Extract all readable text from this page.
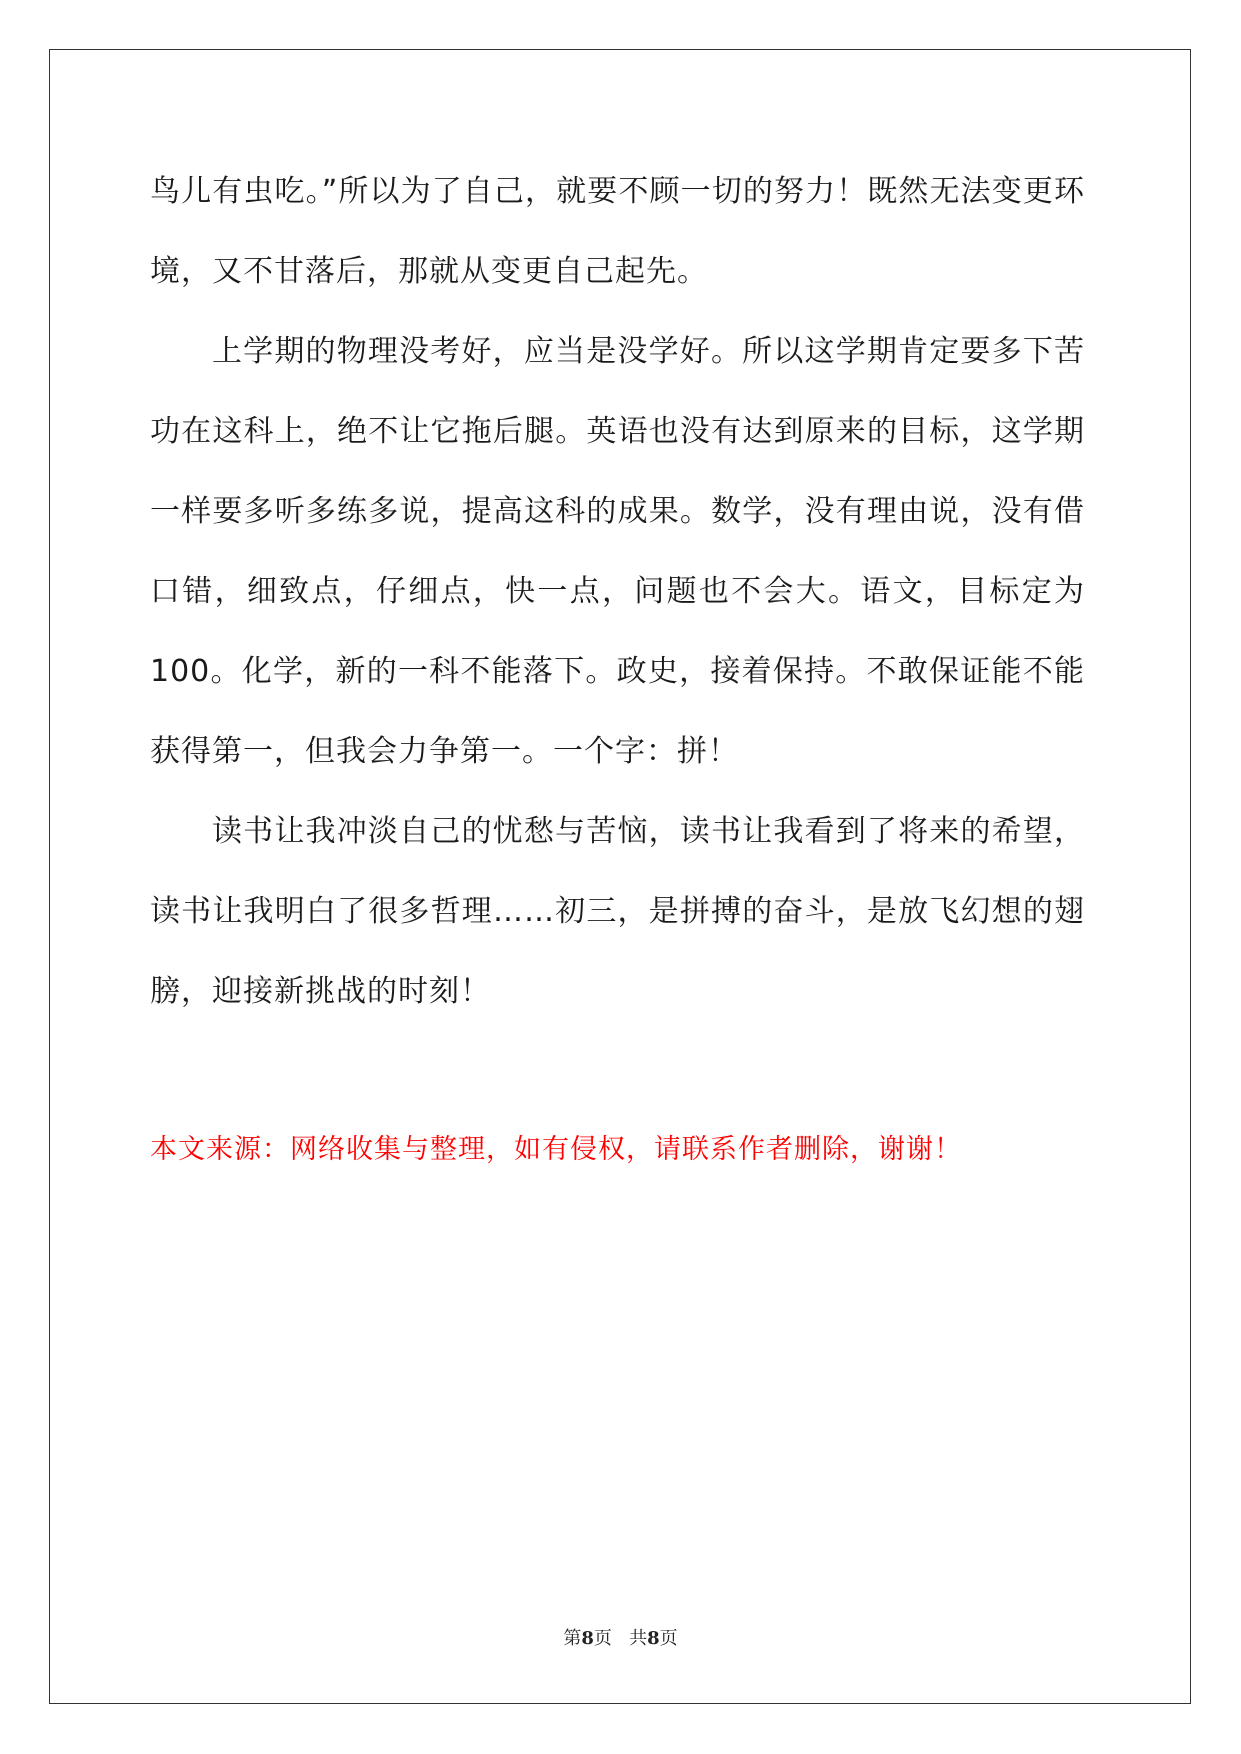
鸟儿有虫吃。”所以为了自己，就要不顾一切的努力！既然无法变更环境，又不甘落后，那就从变更自己起先。

上学期的物理没考好，应当是没学好。所以这学期肯定要多下苦功在这科上，绝不让它拖后腿。英语也没有达到原来的目标，这学期一样要多听多练多说，提高这科的成果。数学，没有理由说，没有借口错，细致点，仔细点，快一点，问题也不会大。语文，目标定为100。化学，新的一科不能落下。政史，接着保持。不敢保证能不能获得第一，但我会力争第一。一个字：拼！

读书让我冲淡自己的忧愁与苦恼，读书让我看到了将来的希望，读书让我明白了很多哲理……初三，是拼搏的奋斗，是放飞幻想的翅膀，迎接新挑战的时刻！

本文来源：网络收集与整理，如有侵权，请联系作者删除，谢谢！

第8页 共8页
